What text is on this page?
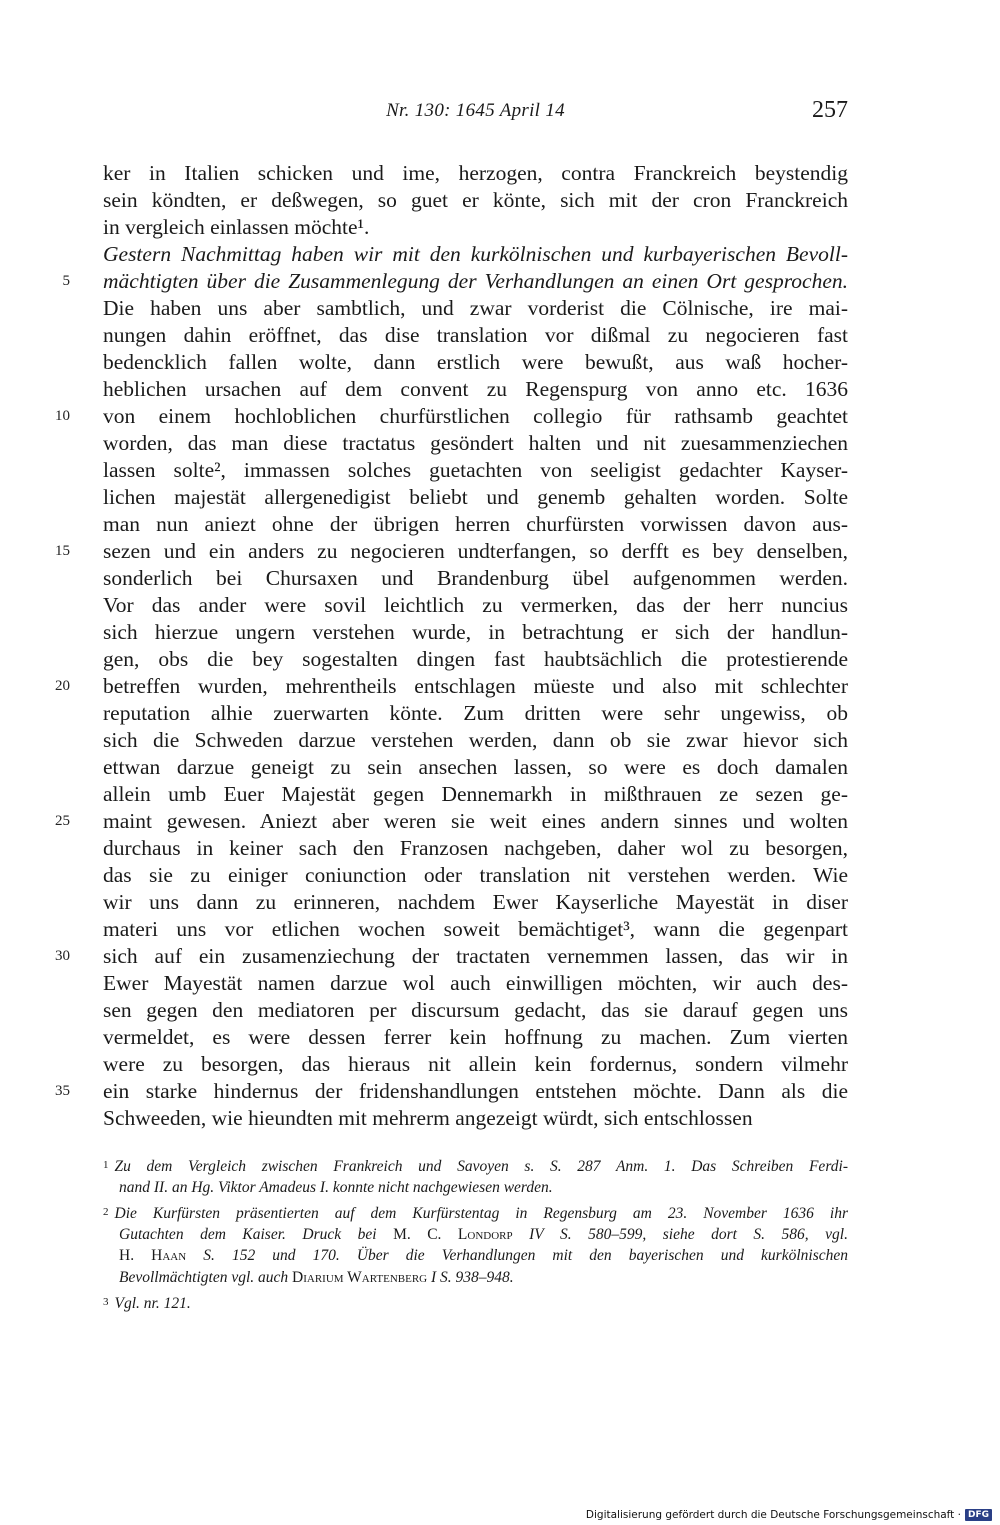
Nr. 130: 1645 April 14	257
ker in Italien schicken und ime, herzogen, contra Franckreich beystendig
sein köndten, er deßwegen, so guet er könte, sich mit der cron Franckreich
in vergleich einlassen möchte¹.
Gestern Nachmittag haben wir mit den kurkölnischen und kurbayerischen Bevoll-
mächtigten über die Zusammenlegung der Verhandlungen an einen Ort gesprochen.
5
Die haben uns aber sambtlich, und zwar vorderist die Cölnische, ire mai-
nungen dahin eröffnet, das dise translation vor dißmal zu negocieren fast
bedencklich fallen wolte, dann erstlich were bewußt, aus waß hocher-
heblichen ursachen auf dem convent zu Regenspurg von anno etc. 1636
von einem hochloblichen churfürstlichen collegio für rathsamb geachtet
10
worden, das man diese tractatus gesöndert halten und nit zuesammenziechen
lassen solte², immassen solches guetachten von seeligist gedachter Kayser-
lichen majestät allergenedigist beliebt und genemb gehalten worden. Solte
man nun aniezt ohne der übrigen herren churfürsten vorwissen davon aus-
sezen und ein anders zu negocieren undterfangen, so derfft es bey denselben,
15
sonderlich bei Chursaxen und Brandenburg übel aufgenommen werden.
Vor das ander were sovil leichtlich zu vermerken, das der herr nuncius
sich hierzue ungern verstehen wurde, in betrachtung er sich der handlun-
gen, obs die bey sogestalten dingen fast haubtsächlich die protestierende
betreffen wurden, mehrentheils entschlagen müeste und also mit schlechter
20
reputation alhie zuerwarten könte. Zum dritten were sehr ungewiss, ob
sich die Schweden darzue verstehen werden, dann ob sie zwar hievor sich
ettwan darzue geneigt zu sein ansechen lassen, so were es doch damalen
allein umb Euer Majestät gegen Dennemarkh in mißthrauen ze sezen ge-
maint gewesen. Aniezt aber weren sie weit eines andern sinnes und wolten
25
durchaus in keiner sach den Franzosen nachgeben, daher wol zu besorgen,
das sie zu einiger coniunction oder translation nit verstehen werden. Wie
wir uns dann zu erinneren, nachdem Ewer Kayserliche Mayestät in diser
materi uns vor etlichen wochen soweit bemächtiget³, wann die gegenpart
sich auf ein zusamenziechung der tractaten vernemmen lassen, das wir in
30
Ewer Mayestät namen darzue wol auch einwilligen möchten, wir auch des-
sen gegen den mediatoren per discursum gedacht, das sie darauf gegen uns
vermeldet, es were dessen ferrer kein hoffnung zu machen. Zum vierten
were zu besorgen, das hieraus nit allein kein fordernus, sondern vilmehr
ein starke hindernus der fridenshandlungen entstehen möchte. Dann als die
35
Schweeden, wie hieundten mit mehrerm angezeigt würdt, sich entschlossen
1 Zu dem Vergleich zwischen Frankreich und Savoyen s. S. 287 Anm. 1. Das Schreiben Ferdi-
nand II. an Hg. Viktor Amadeus I. konnte nicht nachgewiesen werden.
2 Die Kurfürsten präsentierten auf dem Kurfürstentag in Regensburg am 23. November 1636 ihr
Gutachten dem Kaiser. Druck bei M. C. Londorp IV S. 580–599, siehe dort S. 586, vgl.
H. Haan S. 152 und 170. Über die Verhandlungen mit den bayerischen und kurkölnischen
Bevollmächtigten vgl. auch Diarium Wartenberg I S. 938–948.
3 Vgl. nr. 121.
Digitalisierung gefördert durch die Deutsche Forschungsgemeinschaft · DFG
